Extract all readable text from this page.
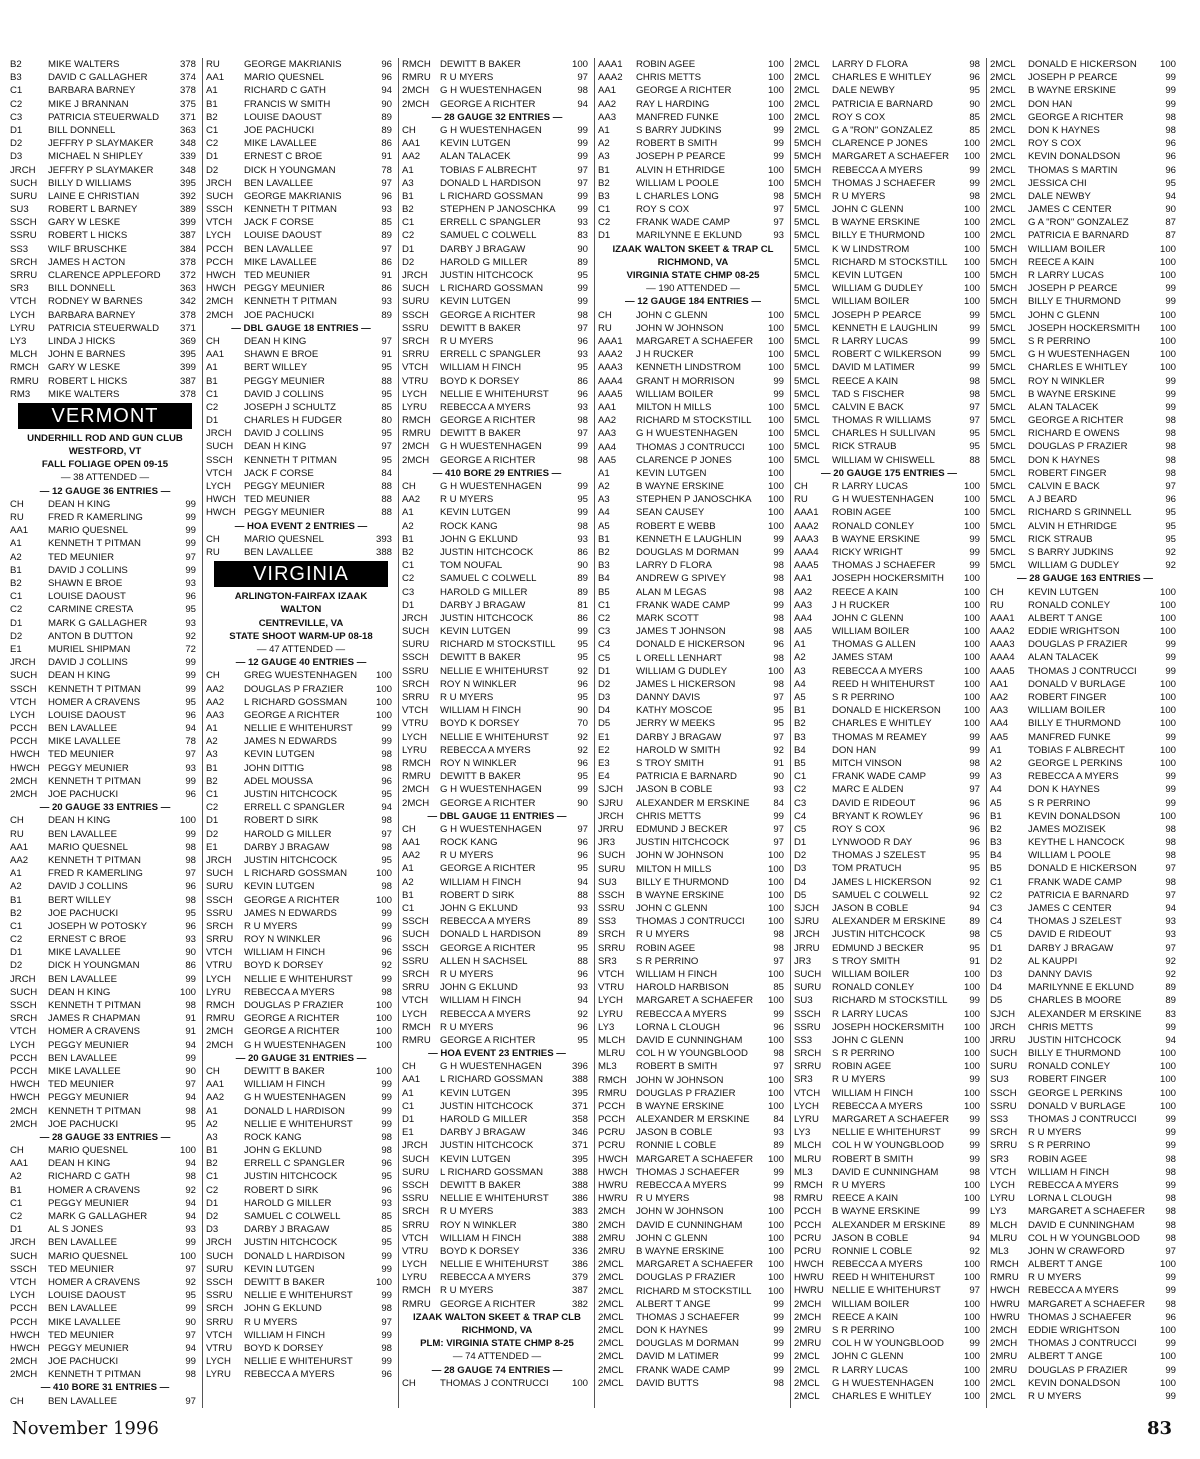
B2	MIKE WALTERS	378
B3	DAVID C GALLAGHER	374
C1	BARBARA BARNEY	378
C2	MIKE J BRANNAN	375
C3	PATRICIA STEUERWALD	371
D1	BILL DONNELL	363
D2	JEFFRY P SLAYMAKER	348
D3	MICHAEL N SHIPLEY	339
JRCH	JEFFRY P SLAYMAKER	348
SUCH	BILLY D WILLIAMS	395
SURU	LAINE E CHRISTIAN	392
SU3	ROBERT L BARNEY	389
SSCH	GARY W LESKE	399
SSRU	ROBERT L HICKS	387
SS3	WILF BRUSCHKE	384
SRCH	JAMES H ACTON	378
SRRU	CLARENCE APPLEFORD	372
SR3	BILL DONNELL	363
VTCH	RODNEY W BARNES	342
LYCH	BARBARA BARNEY	378
LYRU	PATRICIA STEUERWALD	371
LY3	LINDA J HICKS	369
MLCH	JOHN E BARNES	395
RMCH GARY W LESKE	399
RMRU ROBERT L HICKS	387
RM3	MIKE WALTERS	378
VERMONT
UNDERHILL ROD AND GUN CLUB
WESTFORD, VT
FALL FOLIAGE OPEN 09-15
— 38 ATTENDED —
— 12 GAUGE 36 ENTRIES —
CH	DEAN H KING	99
RU	FRED R KAMERLING	99
AA1	MARIO QUESNEL	99
A1	KENNETH T PITMAN	99
A2	TED MEUNIER	97
B1	DAVID J COLLINS	99
B2	SHAWN E BROE	93
C1	LOUISE DAOUST	96
C2	CARMINE CRESTA	95
D1	MARK G GALLAGHER	93
D2	ANTON B DUTTON	92
E1	MURIEL SHIPMAN	72
JRCH	DAVID J COLLINS	99
SUCH	DEAN H KING	99
SSCH	KENNETH T PITMAN	99
VTCH	HOMER A CRAVENS	95
LYCH	LOUISE DAOUST	96
PCCH	BEN LAVALLEE	94
PCCH	MIKE LAVALLEE	78
HWCH TED MEUNIER	97
HWCH PEGGY MEUNIER	93
2MCH	KENNETH T PITMAN	99
2MCH	JOE PACHUCKI	96
— 20 GAUGE 33 ENTRIES —
CH	DEAN H KING	100
RU	BEN LAVALLEE	99
AA1	MARIO QUESNEL	98
AA2	KENNETH T PITMAN	98
A1	FRED R KAMERLING	97
A2	DAVID J COLLINS	96
B1	BERT WILLEY	98
B2	JOE PACHUCKI	95
C1	JOSEPH W POTOSKY	96
C2	ERNEST C BROE	93
D1	MIKE LAVALLEE	90
D2	DICK H YOUNGMAN	86
JRCH	BEN LAVALLEE	99
SUCH	DEAN H KING	100
SSCH	KENNETH T PITMAN	98
SRCH	JAMES R CHAPMAN	91
VTCH	HOMER A CRAVENS	91
LYCH	PEGGY MEUNIER	94
PCCH	BEN LAVALLEE	99
PCCH	MIKE LAVALLEE	90
HWCH TED MEUNIER	97
HWCH PEGGY MEUNIER	94
2MCH	KENNETH T PITMAN	98
2MCH	JOE PACHUCKI	95
— 28 GAUGE 33 ENTRIES —
CH	MARIO QUESNEL	100
AA1	DEAN H KING	94
A2	RICHARD C GATH	98
B1	HOMER A CRAVENS	92
C1	PEGGY MEUNIER	94
C2	MARK G GALLAGHER	94
D1	AL S JONES	93
JRCH	BEN LAVALLEE	99
SUCH	MARIO QUESNEL	100
SSCH	TED MEUNIER	97
VTCH	HOMER A CRAVENS	92
LYCH	LOUISE DAOUST	95
PCCH	BEN LAVALLEE	99
PCCH	MIKE LAVALLEE	90
HWCH TED MEUNIER	97
HWCH PEGGY MEUNIER	94
2MCH	JOE PACHUCKI	99
2MCH	KENNETH T PITMAN	98
— 410 BORE 31 ENTRIES —
CH	BEN LAVALLEE	97
RU	GEORGE MAKRIANIS	96
AA1	MARIO QUESNEL	96
A1	RICHARD C GATH	94
B1	FRANCIS W SMITH	90
B2	LOUISE DAOUST	89
C1	JOE PACHUCKI	89
C2	MIKE LAVALLEE	86
D1	ERNEST C BROE	91
D2	DICK H YOUNGMAN	78
JRCH	BEN LAVALLEE	97
SUCH	GEORGE MAKRIANIS	96
SSCH	KENNETH T PITMAN	93
VTCH	JACK F CORSE	85
LYCH	LOUISE DAOUST	89
PCCH	BEN LAVALLEE	97
PCCH	MIKE LAVALLEE	86
HWCH TED MEUNIER	91
HWCH PEGGY MEUNIER	86
2MCH	KENNETH T PITMAN	93
2MCH	JOE PACHUCKI	89
— DBL GAUGE 18 ENTRIES —
CH	DEAN H KING	97
AA1	SHAWN E BROE	91
A1	BERT WILLEY	95
B1	PEGGY MEUNIER	88
C1	DAVID J COLLINS	95
C2	JOSEPH J SCHULTZ	85
D1	CHARLES H FUDGER	80
JRCH	DAVID J COLLINS	95
SUCH	DEAN H KING	97
SSCH	KENNETH T PITMAN	95
VTCH	JACK F CORSE	84
LYCH	PEGGY MEUNIER	88
HWCH TED MEUNIER	88
HWCH PEGGY MEUNIER	88
— HOA EVENT 2 ENTRIES —
CH	MARIO QUESNEL	393
RU	BEN LAVALLEE	388
VIRGINIA
ARLINGTON-FAIRFAX IZAAK
WALTON
CENTREVILLE, VA
STATE SHOOT WARM-UP 08-18
— 47 ATTENDED —
— 12 GAUGE 40 ENTRIES —
CH	GREG WUESTENHAGEN	100
AA2	DOUGLAS P FRAZIER	100
AA2	L RICHARD GOSSMAN	100
AA3	GEORGE A RICHTER	100
A1	NELLIE E WHITEHURST	99
A2	JAMES N EDWARDS	99
A3	KEVIN LUTGEN	98
B1	JOHN DITTIG	98
B2	ADEL MOUSSA	96
C1	JUSTIN HITCHCOCK	95
C2	ERRELL C SPANGLER	94
D1	ROBERT D SIRK	98
D2	HAROLD G MILLER	97
E1	DARBY J BRAGAW	98
JRCH	JUSTIN HITCHCOCK	95
SUCH	L RICHARD GOSSMAN	100
SURU	KEVIN LUTGEN	98
SSCH	GEORGE A RICHTER	100
SSRU	JAMES N EDWARDS	99
SRCH	R U MYERS	99
SRRU	ROY N WINKLER	96
VTCH	WILLIAM H FINCH	96
VTRU	BOYD K DORSEY	92
LYCH	NELLIE E WHITEHURST	99
LYRU	REBECCA A MYERS	98
RMCH DOUGLAS P FRAZIER	100
RMRU GEORGE A RICHTER	100
2MCH	GEORGE A RICHTER	100
2MCH	G H WUESTENHAGEN	100
— 20 GAUGE 31 ENTRIES —
CH	DEWITT B BAKER	100
AA1	WILLIAM H FINCH	99
AA2	G H WUESTENHAGEN	99
A1	DONALD L HARDISON	99
A2	NELLIE E WHITEHURST	99
A3	ROCK KANG	98
B1	JOHN G EKLUND	98
B2	ERRELL C SPANGLER	96
C1	JUSTIN HITCHCOCK	95
C2	ROBERT D SIRK	96
D1	HAROLD G MILLER	93
D2	SAMUEL C COLWELL	85
D3	DARBY J BRAGAW	85
JRCH	JUSTIN HITCHCOCK	95
SUCH	DONALD L HARDISON	99
SURU	KEVIN LUTGEN	99
SSCH	DEWITT B BAKER	100
SSRU	NELLIE E WHITEHURST	99
SRCH	JOHN G EKLUND	98
SRRU	R U MYERS	97
VTCH	WILLIAM H FINCH	99
VTRU	BOYD K DORSEY	98
LYCH	NELLIE E WHITEHURST	99
LYRU	REBECCA A MYERS	96
RMCH DEWITT B BAKER	100
RMRU R U MYERS	97
2MCH	G H WUESTENHAGEN	98
2MCH	GEORGE A RICHTER	94
— 28 GAUGE 32 ENTRIES —
CH	G H WUESTENHAGEN	99
AA1	KEVIN LUTGEN	99
AA2	ALAN TALACEK	99
A1	TOBIAS F ALBRECHT	97
A3	DONALD L HARDISON	97
B1	L RICHARD GOSSMAN	99
B2	STEPHEN P JANOSCHKA	99
C1	ERRELL C SPANGLER	93
C2	SAMUEL C COLWELL	83
D1	DARBY J BRAGAW	90
D2	HAROLD G MILLER	89
JRCH	JUSTIN HITCHCOCK	95
SUCH	L RICHARD GOSSMAN	99
SURU	KEVIN LUTGEN	99
SSCH	GEORGE A RICHTER	98
SSRU	DEWITT B BAKER	97
SRCH	R U MYERS	96
SRRU	ERRELL C SPANGLER	93
VTCH	WILLIAM H FINCH	95
VTRU	BOYD K DORSEY	86
LYCH	NELLIE E WHITEHURST	96
LYRU	REBECCA A MYERS	93
RMCH GEORGE A RICHTER	98
RMRU DEWITT B BAKER	97
2MCH	G H WUESTENHAGEN	99
2MCH	GEORGE A RICHTER	98
— 410 BORE 29 ENTRIES —
CH	G H WUESTENHAGEN	99
AA2	R U MYERS	95
A1	KEVIN LUTGEN	99
A2	ROCK KANG	98
B1	JOHN G EKLUND	93
B2	JUSTIN HITCHCOCK	86
C1	TOM NOUFAL	90
C2	SAMUEL C COLWELL	89
C3	HAROLD G MILLER	89
D1	DARBY J BRAGAW	81
JRCH	JUSTIN HITCHCOCK	86
SUCH	KEVIN LUTGEN	99
SURU	RICHARD M STOCKSTILL	95
SSCH	DEWITT B BAKER	95
SSRU	NELLIE E WHITEHURST	92
SRCH	ROY N WINKLER	96
SRRU	R U MYERS	95
VTCH	WILLIAM H FINCH	90
VTRU	BOYD K DORSEY	70
LYCH	NELLIE E WHITEHURST	92
LYRU	REBECCA A MYERS	92
RMCH ROY N WINKLER	96
RMRU DEWITT B BAKER	95
2MCH	G H WUESTENHAGEN	99
2MCH	GEORGE A RICHTER	90
— DBL GAUGE 11 ENTRIES —
CH	G H WUESTENHAGEN	97
AA1	ROCK KANG	96
AA2	R U MYERS	96
A1	GEORGE A RICHTER	95
A2	WILLIAM H FINCH	94
B1	ROBERT D SIRK	88
C1	JOHN G EKLUND	93
SSCH	REBECCA A MYERS	89
SUCH	DONALD L HARDISON	89
SSCH	GEORGE A RICHTER	95
SSRU	ALLEN H SACHSEL	88
SRCH	R U MYERS	96
SRRU	JOHN G EKLUND	93
VTCH	WILLIAM H FINCH	94
LYCH	REBECCA A MYERS	92
RMCH R U MYERS	96
RMRU GEORGE A RICHTER	95
— HOA EVENT 23 ENTRIES —
CH	G H WUESTENHAGEN	396
AA1	L RICHARD GOSSMAN	388
A1	KEVIN LUTGEN	395
C1	JUSTIN HITCHCOCK	371
D1	HAROLD G MILLER	358
E1	DARBY J BRAGAW	346
JRCH	JUSTIN HITCHCOCK	371
SUCH	KEVIN LUTGEN	395
SURU	L RICHARD GOSSMAN	388
SSCH	DEWITT B BAKER	388
SSRU	NELLIE E WHITEHURST	386
SRCH	R U MYERS	383
SRRU	ROY N WINKLER	380
VTCH	WILLIAM H FINCH	388
VTRU	BOYD K DORSEY	336
LYCH	NELLIE E WHITEHURST	386
LYRU	REBECCA A MYERS	379
RMCH R U MYERS	387
RMRU GEORGE A RICHTER	382
IZAAK WALTON SKEET & TRAP CLB
RICHMOND, VA
PLM: VIRGINIA STATE CHMP 8-25
— 74 ATTENDED —
— 28 GAUGE 74 ENTRIES —
CH	THOMAS J CONTRUCCI	100
AAA1	ROBIN AGEE	100
AAA2	CHRIS METTS	100
AA1	GEORGE A RICHTER	100
AA2	RAY L HARDING	100
AA3	MANFRED FUNKE	100
A1	S BARRY JUDKINS	99
A2	ROBERT B SMITH	99
A3	JOSEPH P PEARCE	99
B1	ALVIN H ETHRIDGE	100
B2	WILLIAM L POOLE	100
B3	L CHARLES LONG	98
C1	ROY S COX	97
C2	FRANK WADE CAMP	97
D1	MARILYNNE E EKLUND	93
IZAAK WALTON SKEET & TRAP CL
RICHMOND, VA
VIRGINIA STATE CHMP 08-25
— 190 ATTENDED —
— 12 GAUGE 184 ENTRIES —
CH	JOHN C GLENN	100
RU	JOHN W JOHNSON	100
AAA1	MARGARET A SCHAEFER	100
AAA2	J H RUCKER	100
AAA3	KENNETH LINDSTROM	100
AAA4	GRANT H MORRISON	99
AAA5	WILLIAM BOILER	99
AA1	MILTON H MILLS	100
AA2	RICHARD M STOCKSTILL	100
AA3	G H WUESTENHAGEN	100
AA4	THOMAS J CONTRUCCI	100
AA5	CLARENCE P JONES	100
A1	KEVIN LUTGEN	100
A2	B WAYNE ERSKINE	100
A3	STEPHEN P JANOSCHKA	100
A4	SEAN CAUSEY	100
A5	ROBERT E WEBB	100
B1	KENNETH E LAUGHLIN	99
B2	DOUGLAS M DORMAN	99
B3	LARRY D FLORA	98
B4	ANDREW G SPIVEY	98
B5	ALAN M LEGAS	98
C1	FRANK WADE CAMP	99
C2	MARK SCOTT	98
C3	JAMES T JOHNSON	98
C4	DONALD E HICKERSON	96
C5	L ORELL LENHART	98
D1	WILLIAM G DUDLEY	100
D2	JAMES L HICKERSON	98
D3	DANNY DAVIS	97
D4	KATHY MOSCOE	95
D5	JERRY W MEEKS	95
E1	DARBY J BRAGAW	97
E2	HAROLD W SMITH	92
E3	S TROY SMITH	91
E4	PATRICIA E BARNARD	90
SJCH	JASON B COBLE	93
SJRU	ALEXANDER M ERSKINE	84
JRCH	CHRIS METTS	99
JRRU	EDMUND J BECKER	97
JR3	JUSTIN HITCHCOCK	97
SUCH	JOHN W JOHNSON	100
SURU	MILTON H MILLS	100
SU3	BILLY E THURMOND	100
SSCH	B WAYNE ERSKINE	100
SSRU	JOHN C GLENN	100
SS3	THOMAS J CONTRUCCI	100
SRCH	R U MYERS	98
SRRU	ROBIN AGEE	98
SR3	S R PERRINO	97
VTCH	WILLIAM H FINCH	100
VTRU	HAROLD HARBISON	85
LYCH	MARGARET A SCHAEFER	100
LYRU	REBECCA A MYERS	99
LY3	LORNA L CLOUGH	96
MLCH	DAVID E CUNNINGHAM	100
MLRU	COL H W YOUNGBLOOD	98
ML3	ROBERT B SMITH	97
RMCH JOHN W JOHNSON	100
RMRU DOUGLAS P FRAZIER	100
PCCH	B WAYNE ERSKINE	100
PCCH	ALEXANDER M ERSKINE	84
PCRU	JASON B COBLE	93
PCRU	RONNIE L COBLE	89
HWCH MARGARET A SCHAEFER	100
HWCH THOMAS J SCHAEFER	99
HWRU REBECCA A MYERS	99
HWRU R U MYERS	98
2MCH	JOHN W JOHNSON	100
2MCH	DAVID E CUNNINGHAM	100
2MRU	JOHN C GLENN	100
2MRU	B WAYNE ERSKINE	100
2MCL	MARGARET A SCHAEFER	100
2MCL	DOUGLAS P FRAZIER	100
2MCL	RICHARD M STOCKSTILL	100
2MCL	ALBERT T ANGE	99
2MCL	THOMAS J SCHAEFER	99
2MCL	DON K HAYNES	99
2MCL	DOUGLAS M DORMAN	99
2MCL	DAVID M LATIMER	99
2MCL	FRANK WADE CAMP	99
2MCL	DAVID BUTTS	98
2MCL	LARRY D FLORA	98
2MCL	CHARLES E WHITLEY	96
2MCL	DALE NEWBY	95
2MCL	PATRICIA E BARNARD	90
2MCL	ROY S COX	85
2MCL	G A "RON" GONZALEZ	85
5MCH	CLARENCE P JONES	100
5MCH	MARGARET A SCHAEFER	100
5MCH	REBECCA A MYERS	99
5MCH	THOMAS J SCHAEFER	99
5MCH	R U MYERS	98
5MCL	JOHN C GLENN	100
5MCL	B WAYNE ERSKINE	100
5MCL	BILLY E THURMOND	100
5MCL	K W LINDSTROM	100
5MCL	RICHARD M STOCKSTILL	100
5MCL	KEVIN LUTGEN	100
5MCL	WILLIAM G DUDLEY	100
5MCL	WILLIAM BOILER	100
5MCL	JOSEPH P PEARCE	99
5MCL	KENNETH E LAUGHLIN	99
5MCL	R LARRY LUCAS	99
5MCL	ROBERT C WILKERSON	99
5MCL	DAVID M LATIMER	99
5MCL	REECE A KAIN	98
5MCL	TAD S FISCHER	98
5MCL	CALVIN E BACK	97
5MCL	THOMAS R WILLIAMS	97
5MCL	CHARLES H SULLIVAN	95
5MCL	RICK STRAUB	95
5MCL	WILLIAM W CHISWELL	88
— 20 GAUGE 175 ENTRIES —
CH	R LARRY LUCAS	100
RU	G H WUESTENHAGEN	100
AAA1	ROBIN AGEE	100
AAA2	RONALD CONLEY	100
AAA3	B WAYNE ERSKINE	99
AAA4	RICKY WRIGHT	99
AAA5	THOMAS J SCHAEFER	99
AA1	JOSEPH HOCKERSMITH	100
AA2	REECE A KAIN	100
AA3	J H RUCKER	100
AA4	JOHN C GLENN	100
AA5	WILLIAM BOILER	100
A1	THOMAS G ALLEN	100
A2	JAMES STAM	100
A3	REBECCA A MYERS	100
A4	REED H WHITEHURST	100
A5	S R PERRINO	100
B1	DONALD E HICKERSON	100
B2	CHARLES E WHITLEY	100
B3	THOMAS M REAMEY	99
B4	DON HAN	99
B5	MITCH VINSON	98
C1	FRANK WADE CAMP	99
C2	MARC E ALDEN	97
C3	DAVID E RIDEOUT	96
C4	BRYANT K ROWLEY	96
C5	ROY S COX	96
D1	LYNWOOD R DAY	96
D2	THOMAS J SZELEST	95
D3	TOM PRATUCH	95
D4	JAMES L HICKERSON	92
D5	SAMUEL C COLWELL	92
SJCH	JASON B COBLE	94
SJRU	ALEXANDER M ERSKINE	89
JRCH	JUSTIN HITCHCOCK	98
JRRU	EDMUND J BECKER	95
JR3	S TROY SMITH	91
SUCH	WILLIAM BOILER	100
SURU	RONALD CONLEY	100
SU3	RICHARD M STOCKSTILL	99
SSCH	R LARRY LUCAS	100
SSRU	JOSEPH HOCKERSMITH	100
SS3	JOHN C GLENN	100
SRCH	S R PERRINO	100
SRRU	ROBIN AGEE	100
SR3	R U MYERS	99
VTCH	WILLIAM H FINCH	100
LYCH	REBECCA A MYERS	100
LYRU	MARGARET A SCHAEFER	99
LY3	NELLIE E WHITEHURST	99
MLCH	COL H W YOUNGBLOOD	99
MLRU	ROBERT B SMITH	99
ML3	DAVID E CUNNINGHAM	98
RMCH R U MYERS	100
RMRU REECE A KAIN	100
PCCH	B WAYNE ERSKINE	99
PCCH	ALEXANDER M ERSKINE	89
PCRU	JASON B COBLE	94
PCRU	RONNIE L COBLE	92
HWCH REBECCA A MYERS	100
HWRU REED H WHITEHURST	100
HWRU NELLIE E WHITEHURST	97
2MCH	WILLIAM BOILER	100
2MCH	REECE A KAIN	100
2MRU	S R PERRINO	100
2MRU	COL H W YOUNGBLOOD	99
2MCL	JOHN C GLENN	100
2MCL	R LARRY LUCAS	100
2MCL	G H WUESTENHAGEN	100
2MCL	CHARLES E WHITLEY	100
2MCL	DONALD E HICKERSON	100
2MCL	JOSEPH P PEARCE	99
2MCL	B WAYNE ERSKINE	99
2MCL	DON HAN	99
2MCL	GEORGE A RICHTER	98
2MCL	DON K HAYNES	98
2MCL	ROY S COX	96
2MCL	KEVIN DONALDSON	96
2MCL	THOMAS S MARTIN	96
2MCL	JESSICA CHI	95
2MCL	DALE NEWBY	94
2MCL	JAMES C CENTER	90
2MCL	G A "RON" GONZALEZ	87
2MCL	PATRICIA E BARNARD	87
5MCH	WILLIAM BOILER	100
5MCH	REECE A KAIN	100
5MCH	R LARRY LUCAS	100
5MCH	JOSEPH P PEARCE	99
5MCH	BILLY E THURMOND	99
5MCL	JOHN C GLENN	100
5MCL	JOSEPH HOCKERSMITH	100
5MCL	S R PERRINO	100
5MCL	G H WUESTENHAGEN	100
5MCL	CHARLES E WHITLEY	100
5MCL	ROY N WINKLER	99
5MCL	B WAYNE ERSKINE	99
5MCL	ALAN TALACEK	99
5MCL	GEORGE A RICHTER	98
5MCL	RICHARD E OWENS	98
5MCL	DOUGLAS P FRAZIER	98
5MCL	DON K HAYNES	98
5MCL	ROBERT FINGER	98
5MCL	CALVIN E BACK	97
5MCL	A J BEARD	96
5MCL	RICHARD S GRINNELL	95
5MCL	ALVIN H ETHRIDGE	95
5MCL	RICK STRAUB	95
5MCL	S BARRY JUDKINS	92
5MCL	WILLIAM G DUDLEY	92
— 28 GAUGE 163 ENTRIES —
CH	KEVIN LUTGEN	100
RU	RONALD CONLEY	100
AAA1	ALBERT T ANGE	100
AAA2	EDDIE WRIGHTSON	100
AAA3	DOUGLAS P FRAZIER	99
AAA4	ALAN TALACEK	99
AAA5	THOMAS J CONTRUCCI	99
AA1	DONALD V BURLAGE	100
AA2	ROBERT FINGER	100
AA3	WILLIAM BOILER	100
AA4	BILLY E THURMOND	100
AA5	MANFRED FUNKE	99
A1	TOBIAS F ALBRECHT	100
A2	GEORGE L PERKINS	100
A3	REBECCA A MYERS	99
A4	DON K HAYNES	99
A5	S R PERRINO	99
B1	KEVIN DONALDSON	100
B2	JAMES MOZISEK	98
B3	KEYTHE L HANCOCK	98
B4	WILLIAM L POOLE	98
B5	DONALD E HICKERSON	97
C1	FRANK WADE CAMP	98
C2	PATRICIA E BARNARD	97
C3	JAMES C CENTER	94
C4	THOMAS J SZELEST	93
C5	DAVID E RIDEOUT	93
D1	DARBY J BRAGAW	97
D2	AL KAUPPI	92
D3	DANNY DAVIS	92
D4	MARILYNNE E EKLUND	89
D5	CHARLES B MOORE	89
SJCH	ALEXANDER M ERSKINE	83
JRCH	CHRIS METTS	99
JRRU	JUSTIN HITCHCOCK	94
SUCH	BILLY E THURMOND	100
SURU	RONALD CONLEY	100
SU3	ROBERT FINGER	100
SSCH	GEORGE L PERKINS	100
SSRU	DONALD V BURLAGE	100
SS3	THOMAS J CONTRUCCI	99
SRCH	R U MYERS	99
SRRU	S R PERRINO	99
SR3	ROBIN AGEE	98
VTCH	WILLIAM H FINCH	98
LYCH	REBECCA A MYERS	99
LYRU	LORNA L CLOUGH	98
LY3	MARGARET A SCHAEFER	98
MLCH	DAVID E CUNNINGHAM	98
MLRU	COL H W YOUNGBLOOD	98
ML3	JOHN W CRAWFORD	97
RMCH ALBERT T ANGE	100
RMRU R U MYERS	99
HWCH REBECCA A MYERS	99
HWRU MARGARET A SCHAEFER	98
HWRU THOMAS J SCHAEFER	96
2MCH	EDDIE WRIGHTSON	100
2MCH	THOMAS J CONTRUCCI	99
2MRU	ALBERT T ANGE	100
2MRU	DOUGLAS P FRAZIER	99
2MCL	KEVIN DONALDSON	100
2MCL	R U MYERS	99
November 1996	83
